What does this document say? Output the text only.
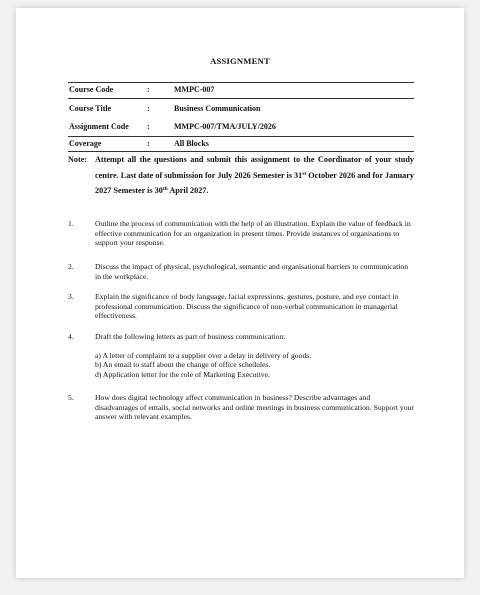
ASSIGNMENT
Course Code	:	MMPC-007
Course Title	:	Business Communication
Assignment Code :	MMPC-007/TMA/JULY/2026
Coverage	:	All Blocks
Note: Attempt all the questions and submit this assignment to the Coordinator of your study centre. Last date of submission for July 2026 Semester is 31st October 2026 and for January 2027 Semester is 30th April 2027.
1.	Outline the process of communication with the help of an illustration. Explain the value of feedback in effective communication for an organization in present times. Provide instances of organisations to support your response.
2.	Discuss the impact of physical, psychological, semantic and organisational barriers to communication in the workplace.
3.	Explain the significance of body language, facial expressions, gestures, posture, and eye contact in professional communication. Discuss the significance of non-verbal communication in managerial effectiveness.
4.	Draft the following letters as part of business communication:
a) A letter of complaint to a supplier over a delay in delivery of goods.
b) An email to staff about the change of office schedules.
d) Application letter for the role of Marketing Executive.
5.	How does digital technology affect communication in business? Describe advantages and disadvantages of emails, social networks and online meetings in business communication. Support your answer with relevant examples.
